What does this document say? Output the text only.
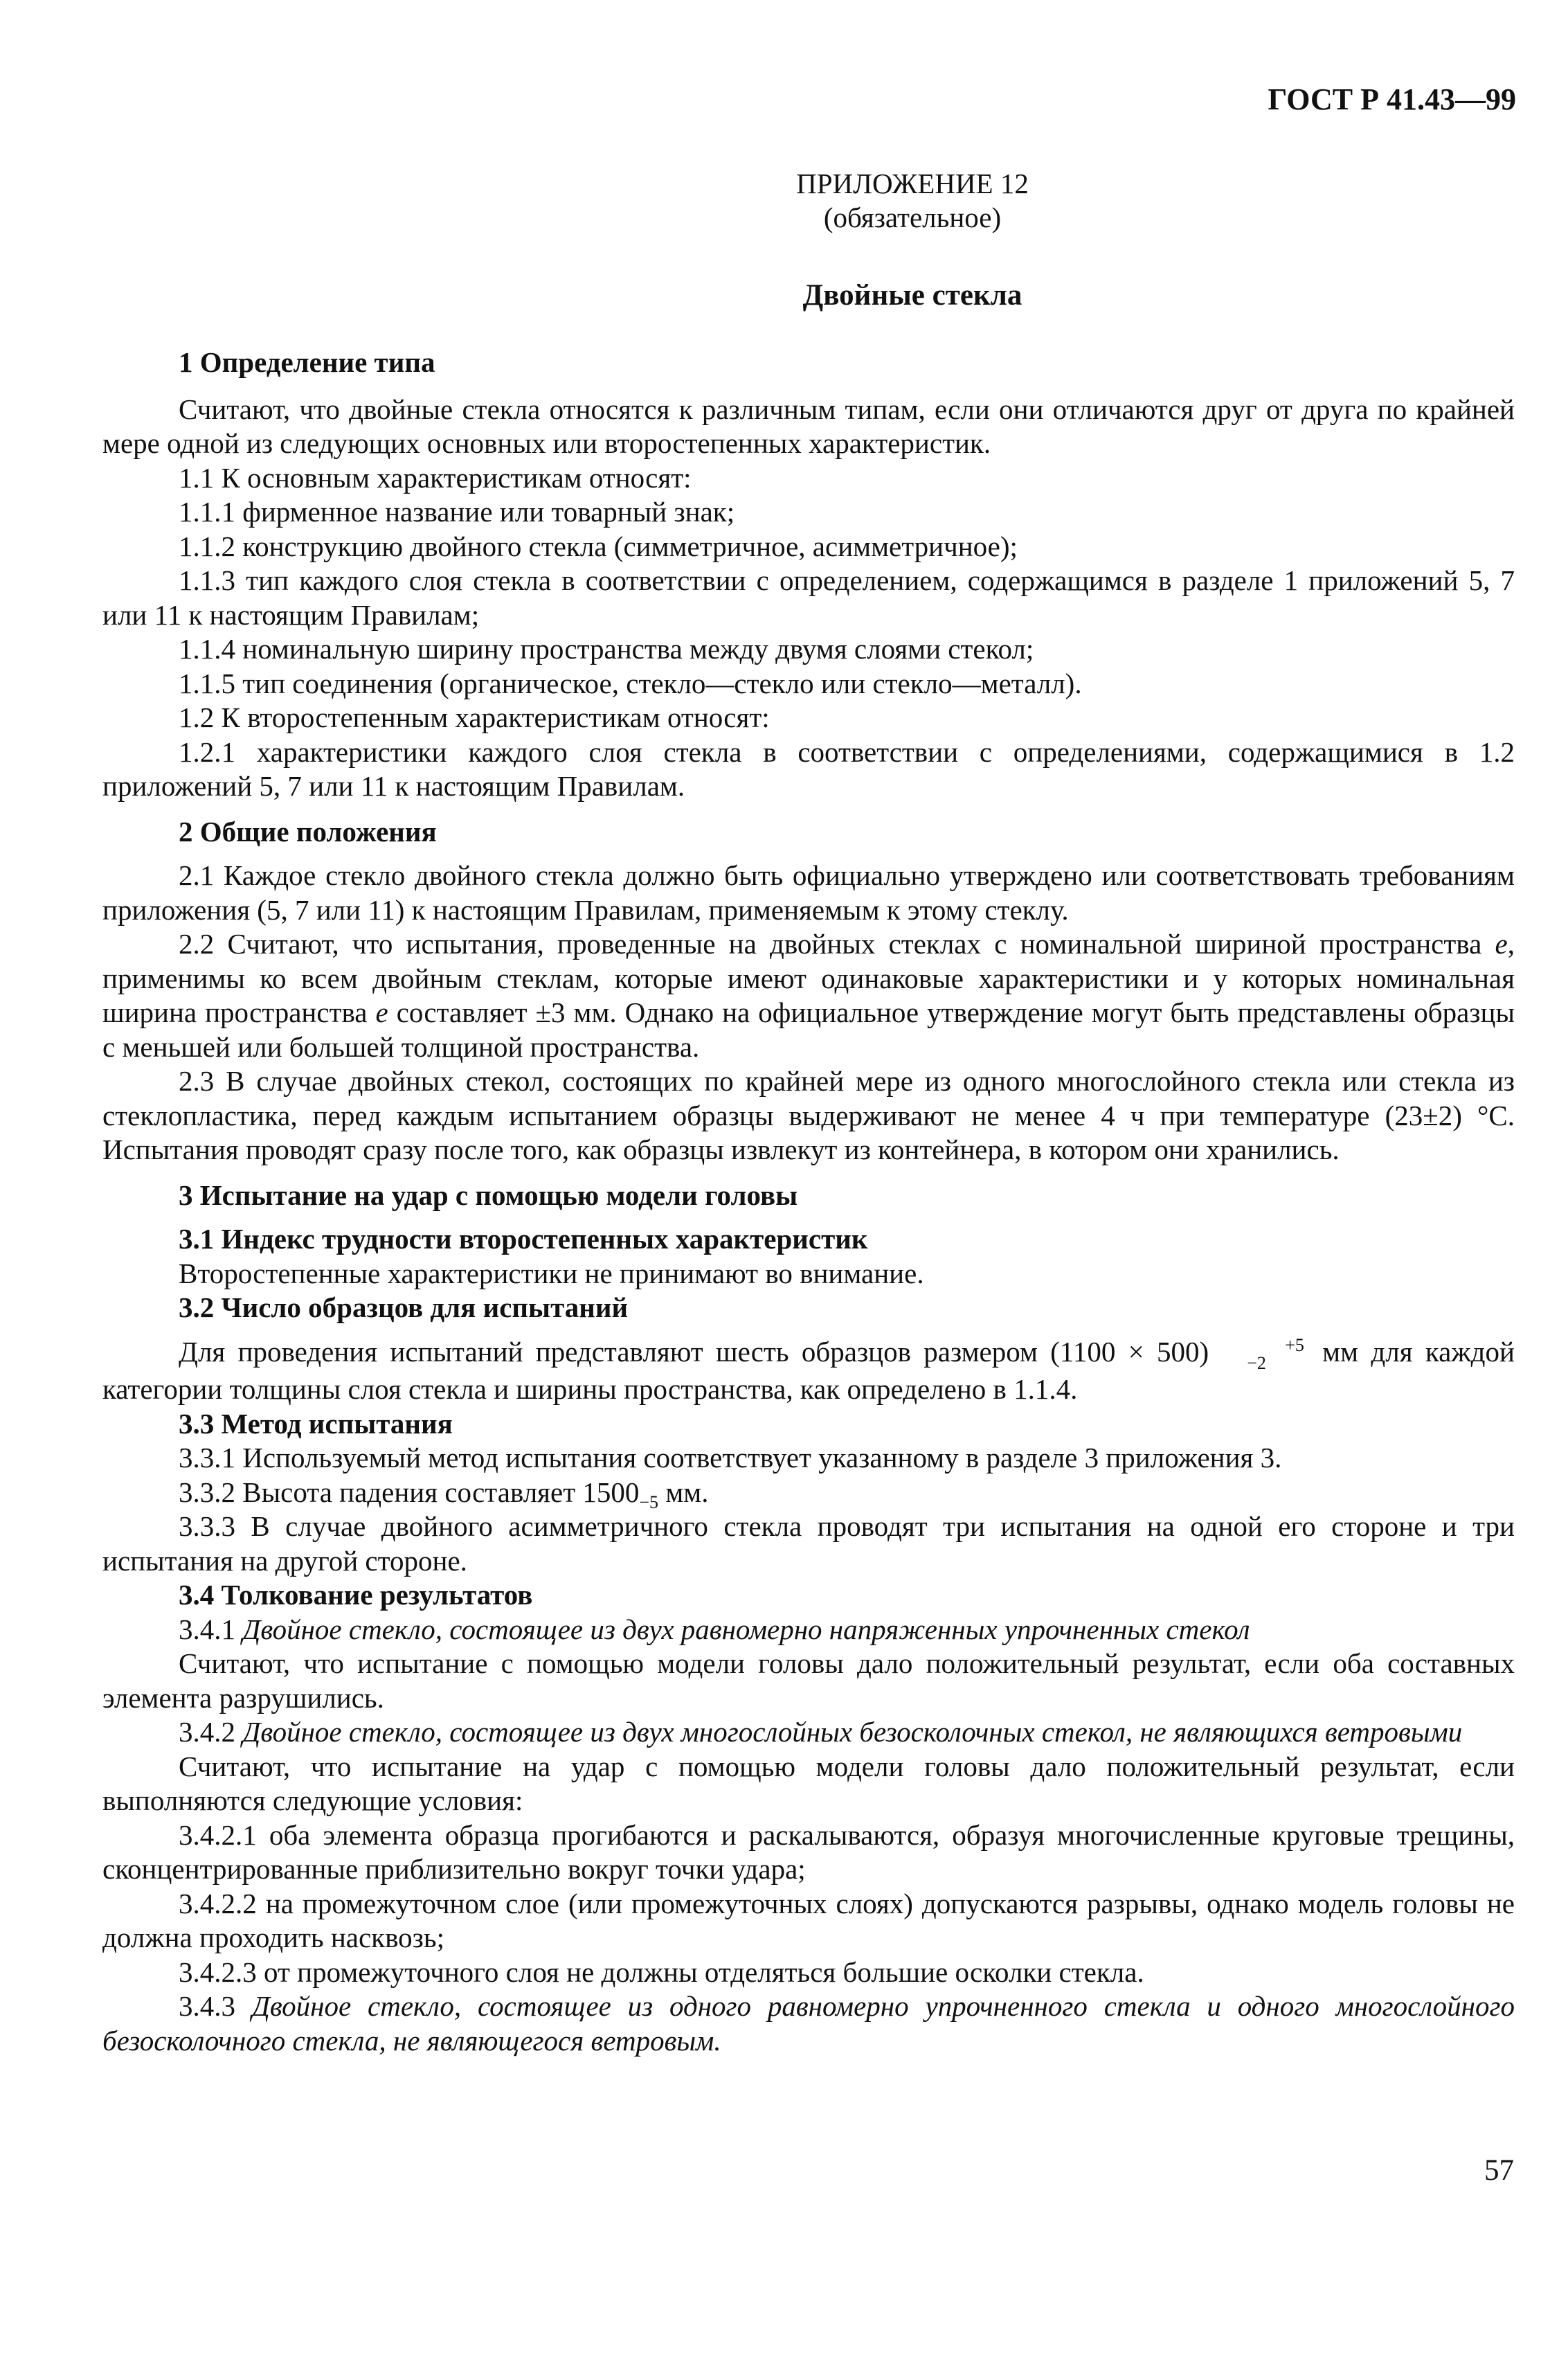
ГОСТ Р 41.43—99
ПРИЛОЖЕНИЕ 12
(обязательное)
Двойные стекла
1 Определение типа

Считают, что двойные стекла относятся к различным типам, если они отличаются друг от друга по крайней мере одной из следующих основных или второстепенных характеристик.

1.1 К основным характеристикам относят:

1.1.1 фирменное название или товарный знак;

1.1.2 конструкцию двойного стекла (симметричное, асимметричное);

1.1.3 тип каждого слоя стекла в соответствии с определением, содержащимся в разделе 1 приложений 5, 7 или 11 к настоящим Правилам;

1.1.4 номинальную ширину пространства между двумя слоями стекол;

1.1.5 тип соединения (органическое, стекло—стекло или стекло—металл).

1.2 К второстепенным характеристикам относят:

1.2.1 характеристики каждого слоя стекла в соответствии с определениями, содержащимися в 1.2 приложений 5, 7 или 11 к настоящим Правилам.

2 Общие положения

2.1 Каждое стекло двойного стекла должно быть официально утверждено или соответствовать требованиям приложения (5, 7 или 11) к настоящим Правилам, применяемым к этому стеклу.

2.2 Считают, что испытания, проведенные на двойных стеклах с номинальной шириной пространства e, применимы ко всем двойным стеклам, которые имеют одинаковые характеристики и у которых номинальная ширина пространства e составляет ±3 мм. Однако на официальное утверждение могут быть представлены образцы с меньшей или большей толщиной пространства.

2.3 В случае двойных стекол, состоящих по крайней мере из одного многослойного стекла или стекла из стеклопластика, перед каждым испытанием образцы выдерживают не менее 4 ч при температуре (23±2) °С. Испытания проводят сразу после того, как образцы извлекут из контейнера, в котором они хранились.

3 Испытание на удар с помощью модели головы
3.1 Индекс трудности второстепенных характеристик

Второстепенные характеристики не принимают во внимание.

3.2 Число образцов для испытаний

Для проведения испытаний представляют шесть образцов размером (1100 × 500)	+5
−2 мм для каждой категории толщины слоя стекла и ширины пространства, как определено в 1.1.4.

3.3 Метод испытания

3.3.1 Используемый метод испытания соответствует указанному в разделе 3 приложения 3.

3.3.2 Высота падения составляет $1500_{-5}$ мм.

3.3.3 В случае двойного асимметричного стекла проводят три испытания на одной его стороне и три испытания на другой стороне.

3.4 Толкование результатов

3.4.1 Двойное стекло, состоящее из двух равномерно напряженных упрочненных стекол

Считают, что испытание с помощью модели головы дало положительный результат, если оба составных элемента разрушились.

3.4.2 Двойное стекло, состоящее из двух многослойных безосколочных стекол, не являющихся ветровыми

Считают, что испытание на удар с помощью модели головы дало положительный результат, если выполняются следующие условия:

3.4.2.1 оба элемента образца прогибаются и раскалываются, образуя многочисленные круговые трещины, сконцентрированные приблизительно вокруг точки удара;

3.4.2.2 на промежуточном слое (или промежуточных слоях) допускаются разрывы, однако модель головы не должна проходить насквозь;

3.4.2.3 от промежуточного слоя не должны отделяться большие осколки стекла.

3.4.3 Двойное стекло, состоящее из одного равномерно упрочненного стекла и одного многослойного безосколочного стекла, не являющегося ветровым.

57
